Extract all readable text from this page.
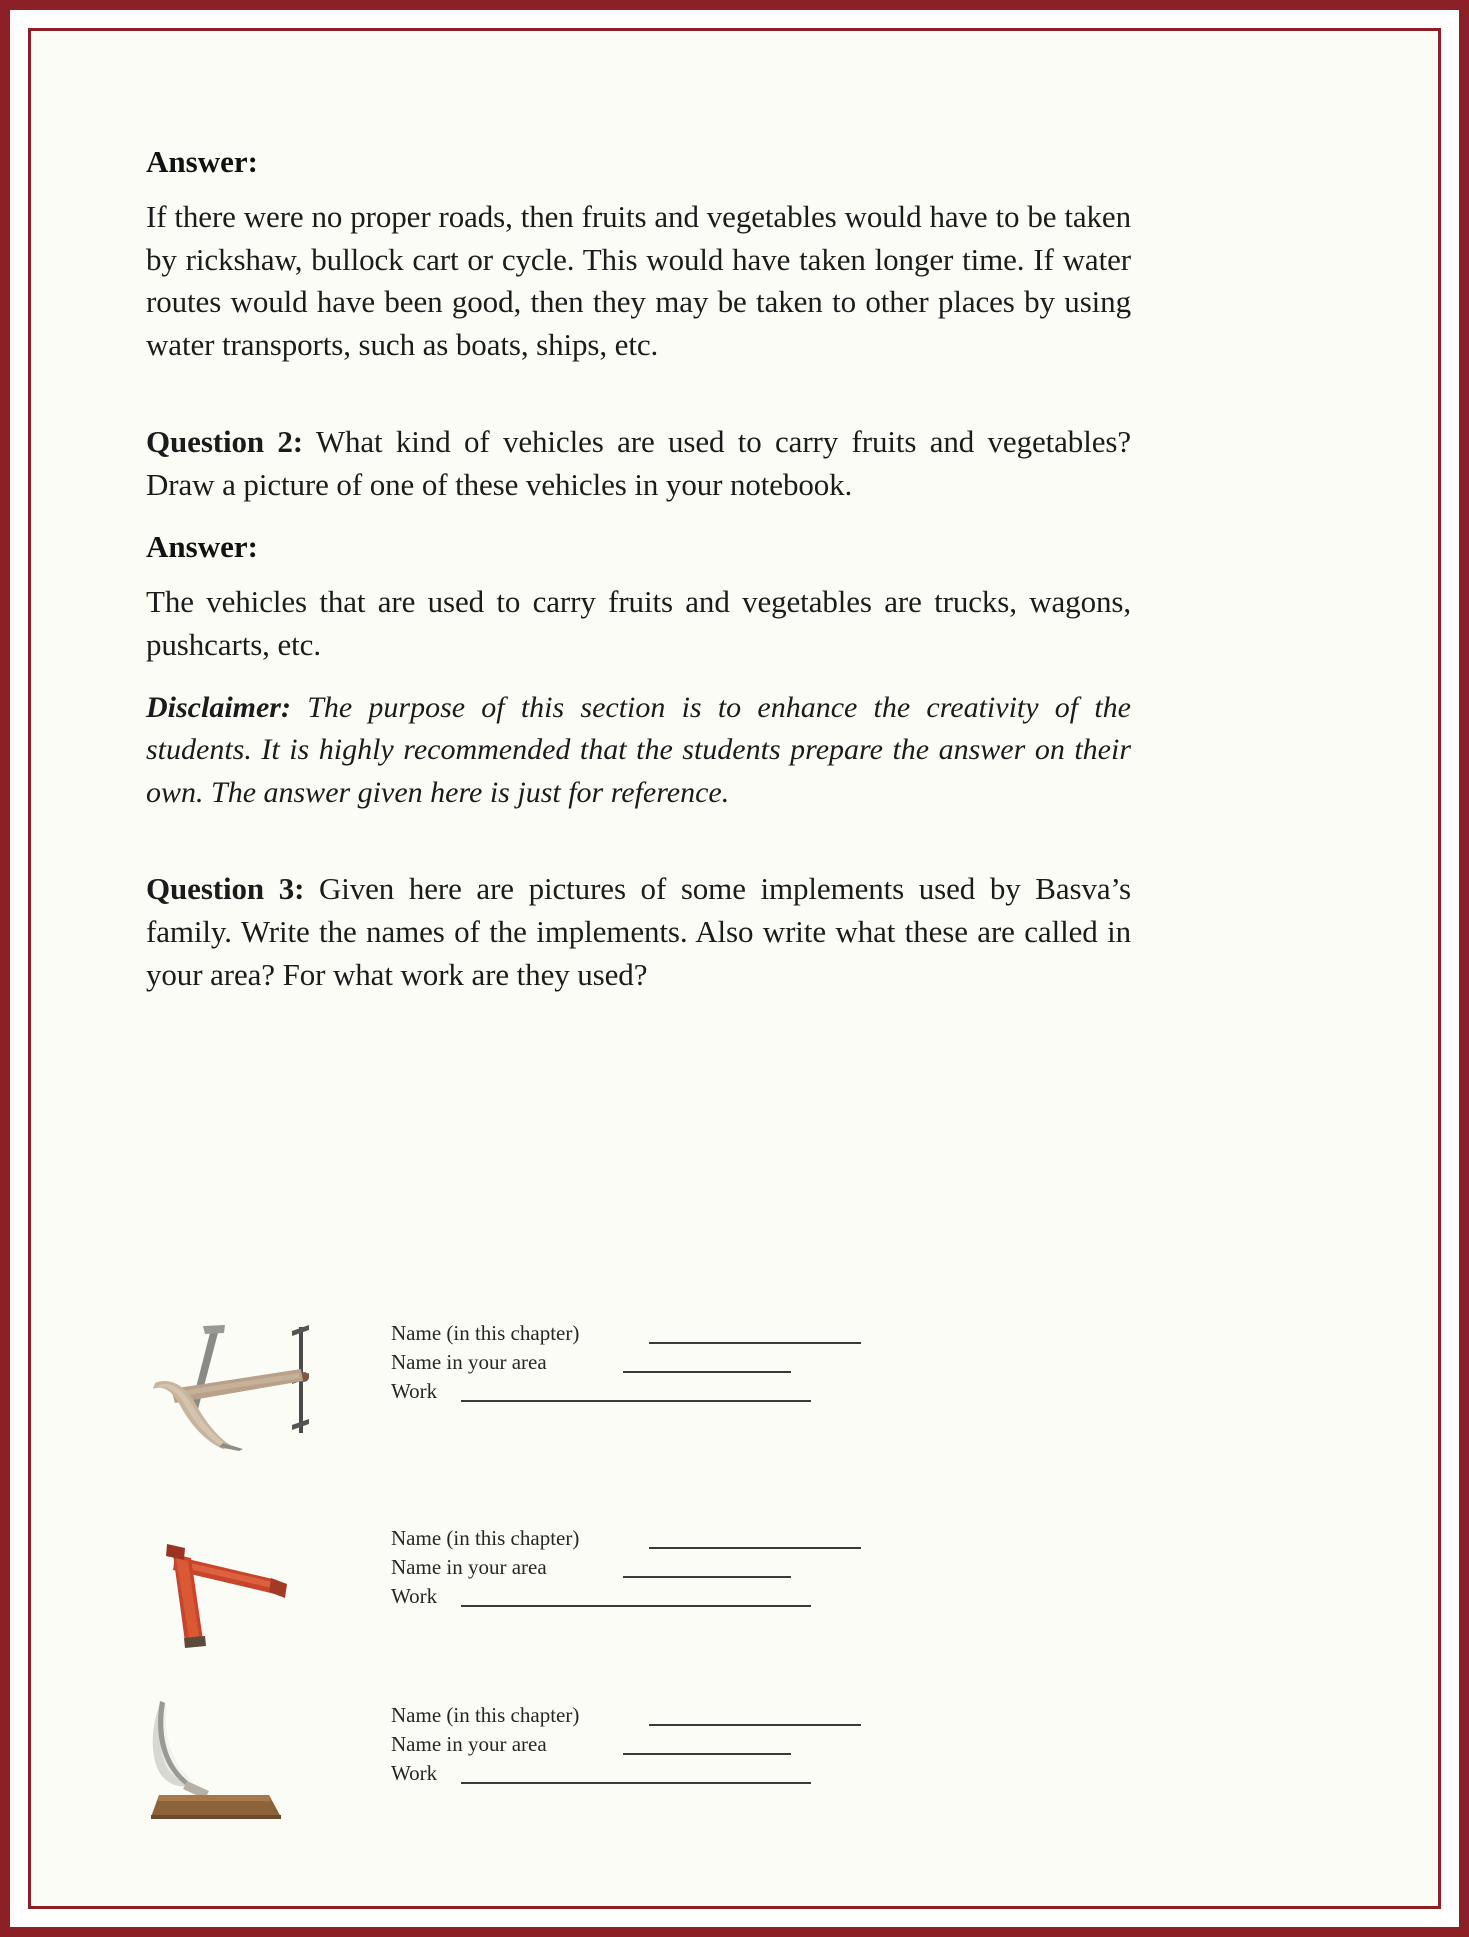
Answer:

If there were no proper roads, then fruits and vegetables would have to be taken by rickshaw, bullock cart or cycle. This would have taken longer time. If water routes would have been good, then they may be taken to other places by using water transports, such as boats, ships, etc.

Question 2: What kind of vehicles are used to carry fruits and vegetables? Draw a picture of one of these vehicles in your notebook.

Answer:

The vehicles that are used to carry fruits and vegetables are trucks, wagons, pushcarts, etc.

Disclaimer: The purpose of this section is to enhance the creativity of the students. It is highly recommended that the students prepare the answer on their own. The answer given here is just for reference.

Question 3: Given here are pictures of some implements used by Basva’s family. Write the names of the implements. Also write what these are called in your area? For what work are they used?

Name (in this chapter)
Name in your area
Work
Name (in this chapter)
Name in your area
Work
Name (in this chapter)
Name in your area
Work
